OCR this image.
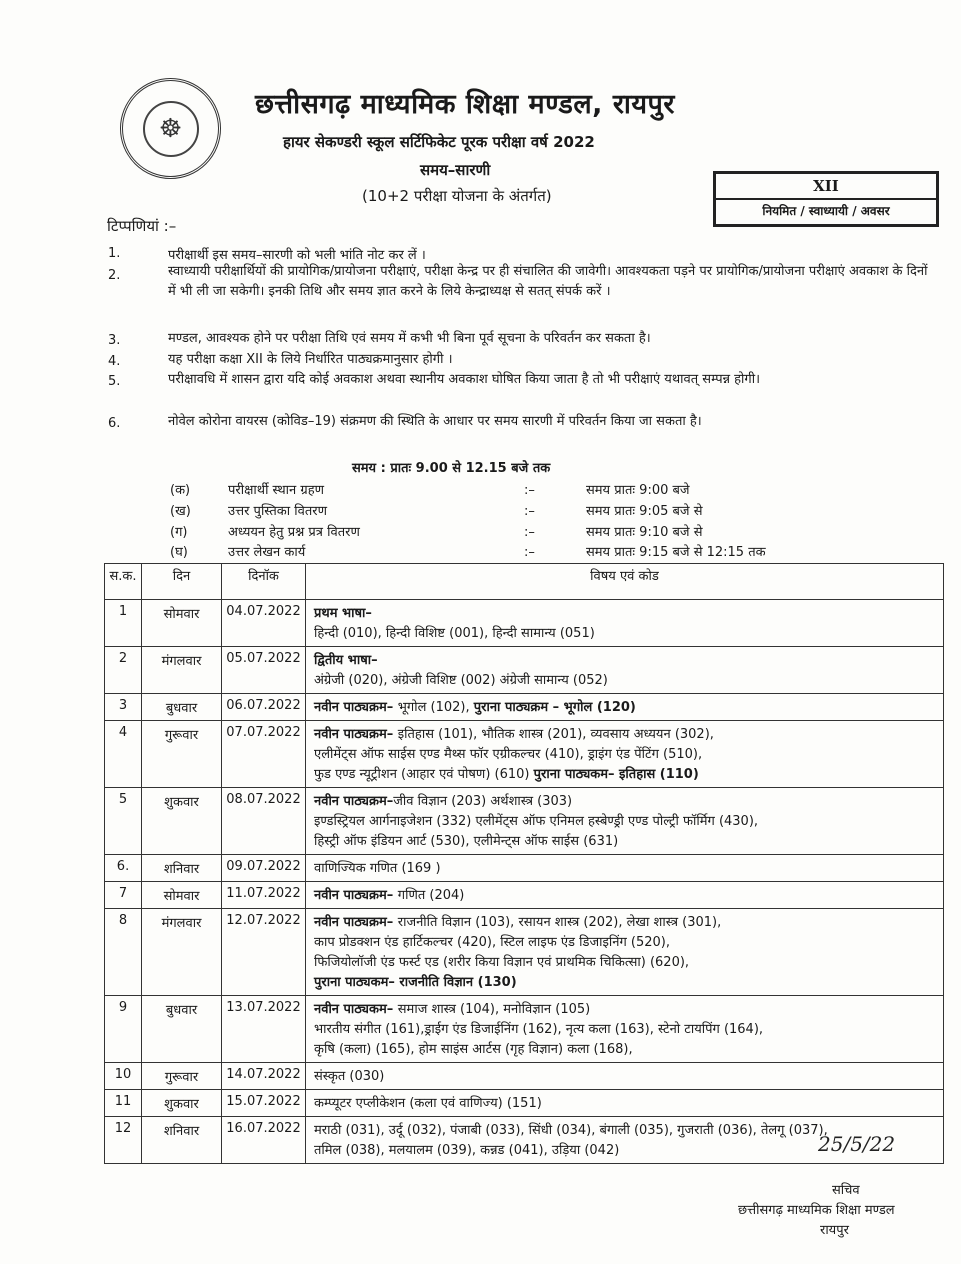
☸
छत्तीसगढ़ माध्यमिक शिक्षा मण्डल, रायपुर
हायर सेकण्डरी स्कूल सर्टिफिकेट पूरक परीक्षा वर्ष 2022
समय–सारणी
(10+2 परीक्षा योजना के अंतर्गत)
XII
नियमित / स्वाध्यायी / अवसर
टिप्पणियां :–
1.	परीक्षार्थी इस समय–सारणी को भली भांति नोट कर लें ।
2.	स्वाध्यायी परीक्षार्थियों की प्रायोगिक/प्रायोजना परीक्षाएं, परीक्षा केन्द्र पर ही संचालित की जावेगी। आवश्यकता पड़ने पर प्रायोगिक/प्रायोजना परीक्षाएं अवकाश के दिनों में भी ली जा सकेगी। इनकी तिथि और समय ज्ञात करने के लिये केन्द्राध्यक्ष से सतत् संपर्क करें ।
3.	मण्डल, आवश्यक होने पर परीक्षा तिथि एवं समय में कभी भी बिना पूर्व सूचना के परिवर्तन कर सकता है।
4.	यह परीक्षा कक्षा XII के लिये निर्धारित पाठ्यक्रमानुसार होगी ।
5.	परीक्षावधि में शासन द्वारा यदि कोई अवकाश अथवा स्थानीय अवकाश घोषित किया जाता है तो भी परीक्षाएं यथावत् सम्पन्न होगी।
6.	नोवेल कोरोना वायरस (कोविड–19) संक्रमण की स्थिति के आधार पर समय सारणी में परिवर्तन किया जा सकता है।
समय : प्रातः 9.00 से 12.15 बजे तक
(क)	परीक्षार्थी स्थान ग्रहण	:–	समय प्रातः 9:00 बजे
(ख)	उत्तर पुस्तिका वितरण	:–	समय प्रातः 9:05 बजे से
(ग)	अध्ययन हेतु प्रश्न प्रत्र वितरण	:–	समय प्रातः 9:10 बजे से
(घ)	उत्तर लेखन कार्य	:–	समय प्रातः 9:15 बजे से 12:15 तक
स.क.	दिन	दिनॉक	विषय एवं कोड
1	सोमवार	04.07.2022	प्रथम भाषा–
हिन्दी (010), हिन्दी विशिष्ट (001), हिन्दी सामान्य (051)

2	मंगलवार	05.07.2022	द्वितीय भाषा–
अंग्रेजी (020), अंग्रेजी विशिष्ट (002) अंग्रेजी सामान्य (052)

3	बुधवार	06.07.2022	नवीन पाठ्यक्रम– भूगोल (102), पुराना पाठ्यक्रम – भूगोल (120)

4	गुरूवार	07.07.2022	नवीन पाठ्यक्रम– इतिहास (101), भौतिक शास्त्र (201), व्यवसाय अध्ययन (302),
एलीमेंट्स ऑफ साईस एण्ड मैथ्स फॉर एग्रीकल्चर (410), ड्राइंग एंड पेंटिंग (510),
फुड एण्ड न्यूट्रीशन (आहार एवं पोषण) (610) पुराना पाठ्यकम– इतिहास (110)

5	शुकवार	08.07.2022	नवीन पाठ्यक्रम–जीव विज्ञान (203) अर्थशास्त्र (303)
इण्डस्ट्रियल आर्गनाइजेशन (332) एलीमेंट्स ऑफ एनिमल हस्बेण्ड्री एण्ड पोल्ट्री फॉर्मिग (430),
हिस्ट्री ऑफ इंडियन आर्ट (530), एलीमेन्ट्स ऑफ साईस (631)

6.	शनिवार	09.07.2022	वाणिज्यिक गणित (169 )

7	सोमवार	11.07.2022	नवीन पाठ्यक्रम– गणित (204)

8	मंगलवार	12.07.2022	नवीन पाठ्यक्रम– राजनीति विज्ञान (103), रसायन शास्त्र (202), लेखा शास्त्र (301),
काप प्रोडक्शन एंड हार्टिकल्चर (420), स्टिल लाइफ एंड डिजाइनिंग (520),
फिजियोलॉजी एंड फर्स्ट एड (शरीर किया विज्ञान एवं प्राथमिक चिकित्सा) (620),
पुराना पाठ्यकम– राजनीति विज्ञान (130)

9	बुधवार	13.07.2022	नवीन पाठ्यकम– समाज शास्त्र (104), मनोविज्ञान (105)
भारतीय संगीत (161),ड्राईग एंड डिजाईनिंग (162), नृत्य कला (163), स्टेनो टायपिंग (164),
कृषि (कला) (165), होम साइंस आर्टस (गृह विज्ञान) कला (168),

10	गुरूवार	14.07.2022	संस्कृत (030)

11	शुकवार	15.07.2022	कम्प्यूटर एप्लीकेशन (कला एवं वाणिज्य) (151)

12	शनिवार	16.07.2022	मराठी (031), उर्दू (032), पंजाबी (033), सिंधी (034), बंगाली (035), गुजराती (036), तेलगू (037),
तमिल (038), मलयालम (039), कन्नड (041), उड़िया (042)	25/5/22
सचिव
छत्तीसगढ़ माध्यमिक शिक्षा मण्डल
रायपुर
